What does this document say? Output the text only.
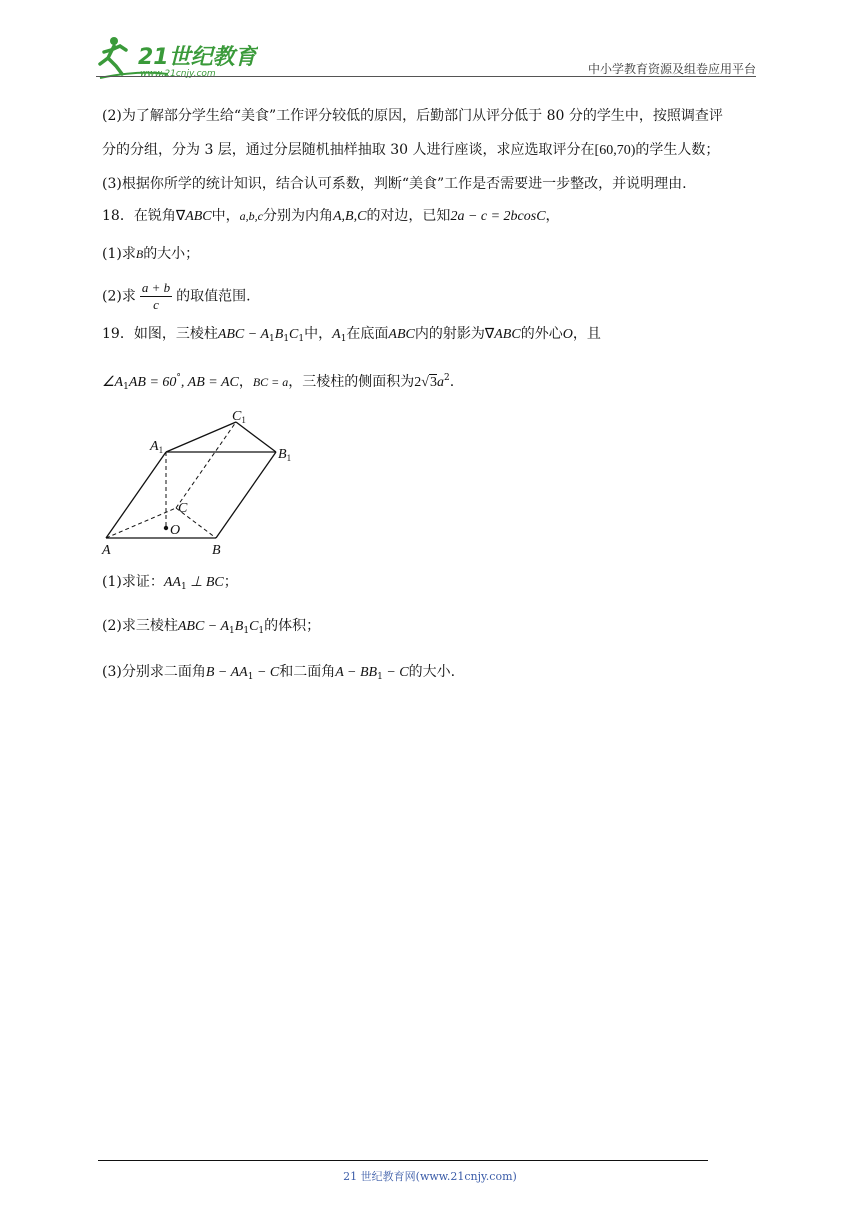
21世纪教育
www.21cnjy.com	中小学教育资源及组卷应用平台
(2)为了解部分学生给“美食”工作评分较低的原因，后勤部门从评分低于 80 分的学生中，按照调查评
分的分组，分为 3 层，通过分层随机抽样抽取 30 人进行座谈，求应选取评分在[60,70)的学生人数；
(3)根据你所学的统计知识，结合认可系数，判断“美食”工作是否需要进一步整改，并说明理由.
18．在锐角∇ABC中，a,b,c分别为内角A,B,C的对边，已知2a − c = 2bcosC，
(1)求B的大小；
(2)求 $\frac{a + b}{c}$ 的取值范围.
19．如图，三棱柱ABC − $A_1B_1C_1$中，$A_1$在底面ABC内的射影为∇ABC的外心O，且
$\angle A_1AB = 60^\circ$, AB = AC，BC = a，三棱柱的侧面积为$2√3a^2$.
$C_1$
$A_1$	$B_1$
C
O
A	B
(1)求证：$AA_1$ ⊥ BC；
(2)求三棱柱ABC − $A_1B_1C_1$的体积；
(3)分别求二面角$B - AA_1 - C$和二面角$A - BB_1 - C$的大小.
21 世纪教育网(www.21cnjy.com)
